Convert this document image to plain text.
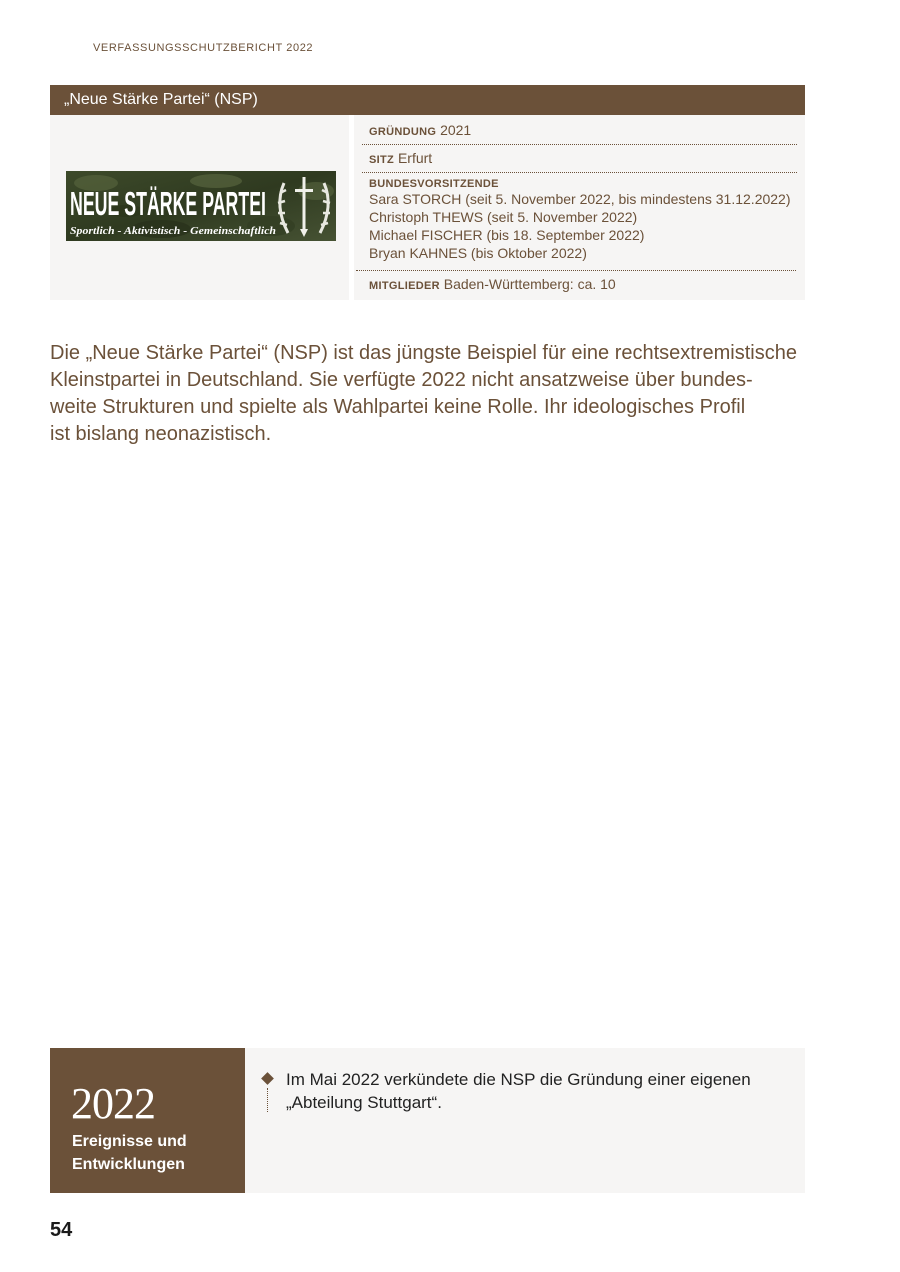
VERFASSUNGSSCHUTZBERICHT 2022
„Neue Stärke Partei“ (NSP)
NEUE STÄRKE PARTEI
Sportlich - Aktivistisch - Gemeinschaftlich
GRÜNDUNG 2021
SITZ Erfurt
BUNDESVORSITZENDE
Sara STORCH (seit 5. November 2022, bis mindestens 31.12.2022)
Christoph THEWS (seit 5. November 2022)
Michael FISCHER (bis 18. September 2022)
Bryan KAHNES (bis Oktober 2022)
MITGLIEDER Baden-Württemberg: ca. 10
Die „Neue Stärke Partei“ (NSP) ist das jüngste Beispiel für eine rechtsextremistische
Kleinstpartei in Deutschland. Sie verfügte 2022 nicht ansatzweise über bundes-
weite Strukturen und spielte als Wahlpartei keine Rolle. Ihr ideologisches Profil
ist bislang neonazistisch.
2022
Ereignisse und
Entwicklungen
Im Mai 2022 verkündete die NSP die Gründung einer eigenen
„Abteilung Stuttgart“.
54
